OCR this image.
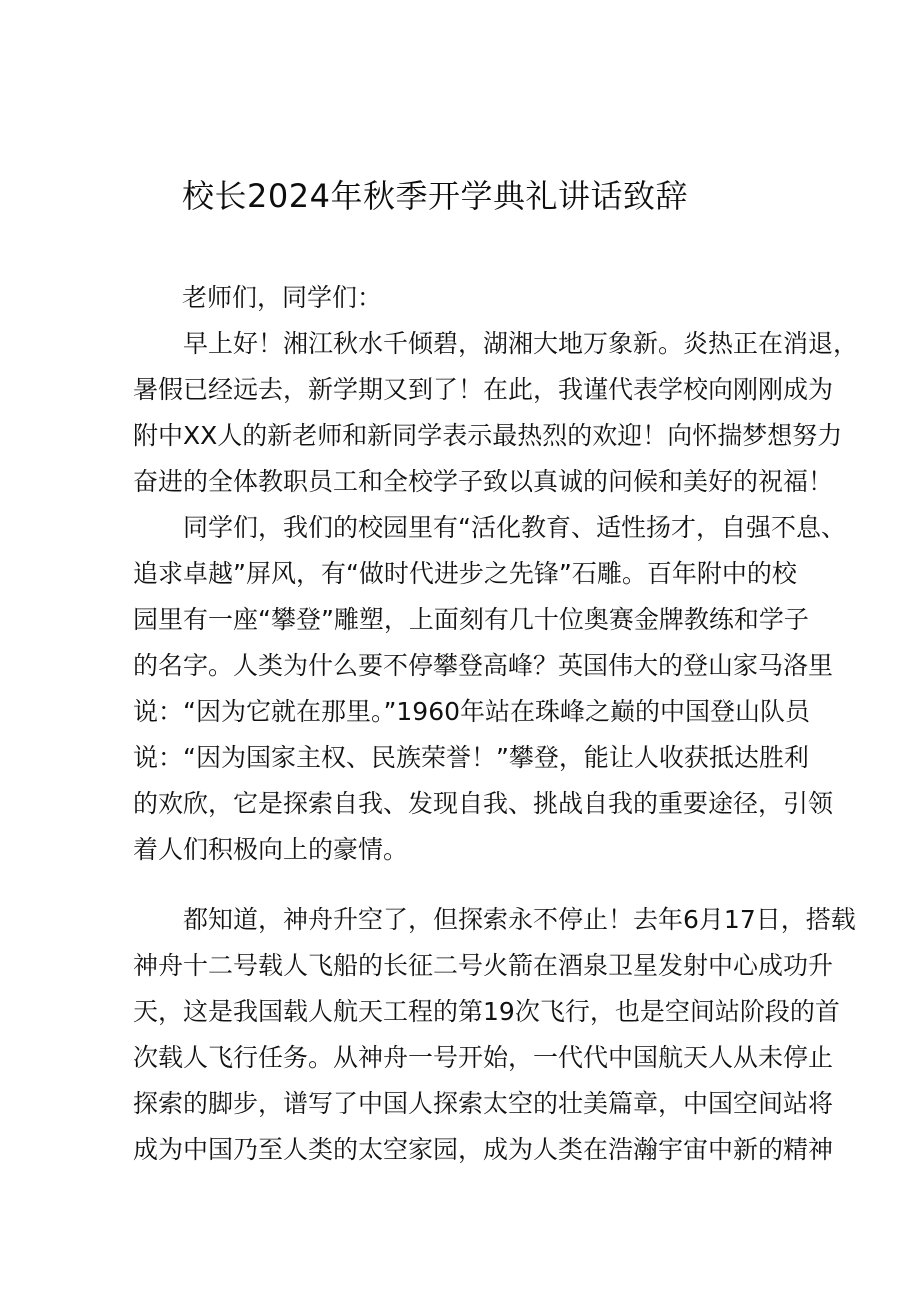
校长2024年秋季开学典礼讲话致辞
老师们，同学们：
早上好！湘江秋水千倾碧，湖湘大地万象新。炎热正在消退，
暑假已经远去，新学期又到了！在此，我谨代表学校向刚刚成为
附中XX人的新老师和新同学表示最热烈的欢迎！向怀揣梦想努力
奋进的全体教职员工和全校学子致以真诚的问候和美好的祝福！
同学们，我们的校园里有“活化教育、适性扬才，自强不息、
追求卓越”屏风，有“做时代进步之先锋”石雕。百年附中的校
园里有一座“攀登”雕塑，上面刻有几十位奥赛金牌教练和学子
的名字。人类为什么要不停攀登高峰？英国伟大的登山家马洛里
说：“因为它就在那里。”1960年站在珠峰之巅的中国登山队员
说：“因为国家主权、民族荣誉！”攀登，能让人收获抵达胜利
的欢欣，它是探索自我、发现自我、挑战自我的重要途径，引领
着人们积极向上的豪情。
都知道，神舟升空了，但探索永不停止！去年6月17日，搭载
神舟十二号载人飞船的长征二号火箭在酒泉卫星发射中心成功升
天，这是我国载人航天工程的第19次飞行，也是空间站阶段的首
次载人飞行任务。从神舟一号开始，一代代中国航天人从未停止
探索的脚步，谱写了中国人探索太空的壮美篇章，中国空间站将
成为中国乃至人类的太空家园，成为人类在浩瀚宇宙中新的精神
